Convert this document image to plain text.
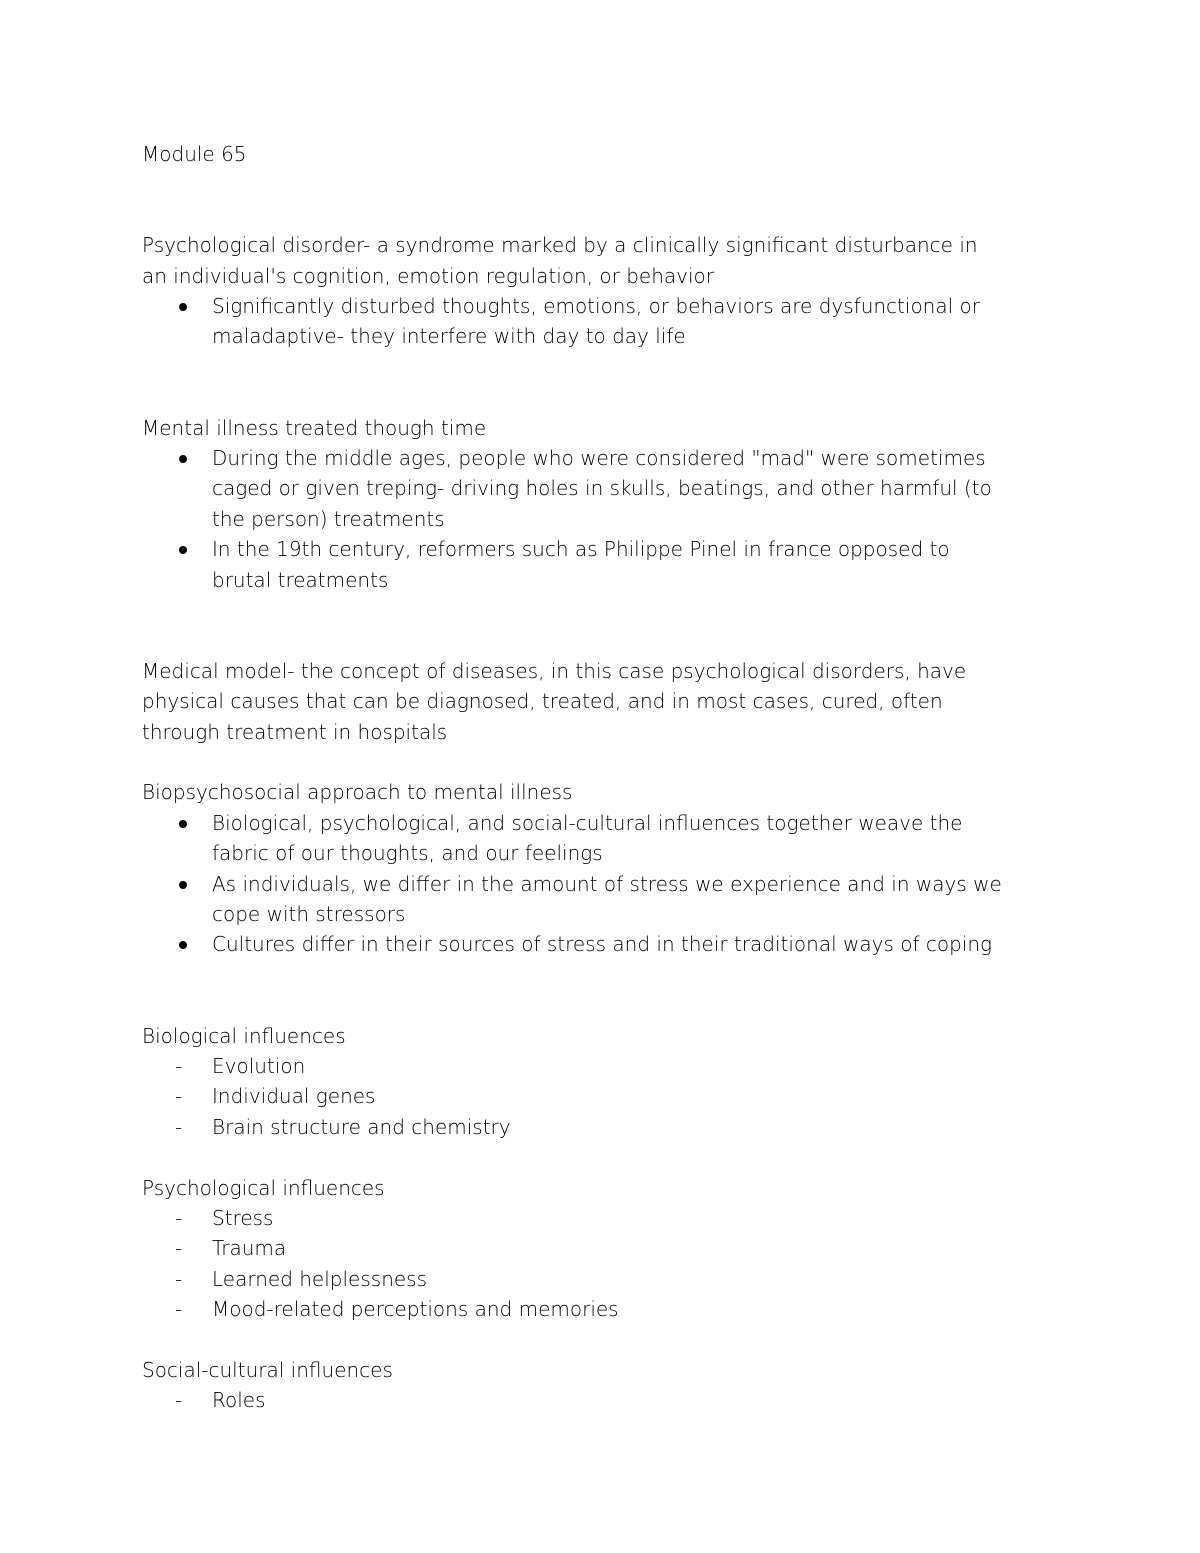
Module 65
Psychological disorder- a syndrome marked by a clinically significant disturbance in
an individual's cognition, emotion regulation, or behavior
Significantly disturbed thoughts, emotions, or behaviors are dysfunctional or
maladaptive- they interfere with day to day life
Mental illness treated though time
During the middle ages, people who were considered "mad" were sometimes
caged or given treping- driving holes in skulls, beatings, and other harmful (to
the person) treatments
In the 19th century, reformers such as Philippe Pinel in france opposed to
brutal treatments
Medical model- the concept of diseases, in this case psychological disorders, have
physical causes that can be diagnosed, treated, and in most cases, cured, often
through treatment in hospitals
Biopsychosocial approach to mental illness
Biological, psychological, and social-cultural influences together weave the
fabric of our thoughts, and our feelings
As individuals, we differ in the amount of stress we experience and in ways we
cope with stressors
Cultures differ in their sources of stress and in their traditional ways of coping
Biological influences
- Evolution
- Individual genes
- Brain structure and chemistry
Psychological influences
- Stress
- Trauma
- Learned helplessness
- Mood-related perceptions and memories
Social-cultural influences
- Roles
